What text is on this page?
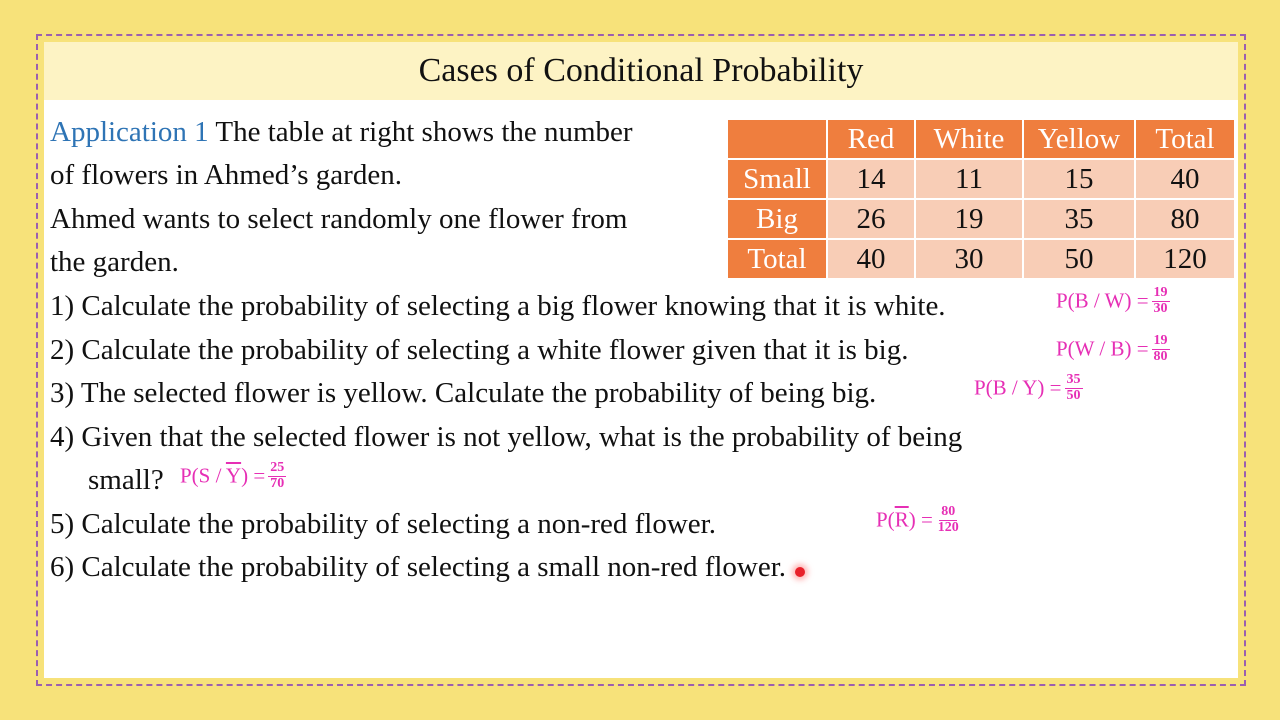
Cases of Conditional Probability
Application 1 The table at right shows the number
of flowers in Ahmed’s garden.
Ahmed wants to select randomly one flower from
the garden.
	Red	White	Yellow	Total
Small	14	11	15	40
Big	26	19	35	80
Total	40	30	50	120
1) Calculate the probability of selecting a big flower knowing that it is white.
2) Calculate the probability of selecting a white flower given that it is big.
3) The selected flower is yellow. Calculate the probability of being big.
4) Given that the selected flower is not yellow, what is the probability of being
small?
5) Calculate the probability of selecting a non-red flower.
6) Calculate the probability of selecting a small non-red flower.
$P(B / W) = \frac{19}{30}$
$P(W / B) = \frac{19}{80}$
$P(B / Y) = \frac{35}{50}$
$P(S / \overline{Y}) = \frac{25}{70}$
$P(\overline{R}) = \frac{80}{120}$
